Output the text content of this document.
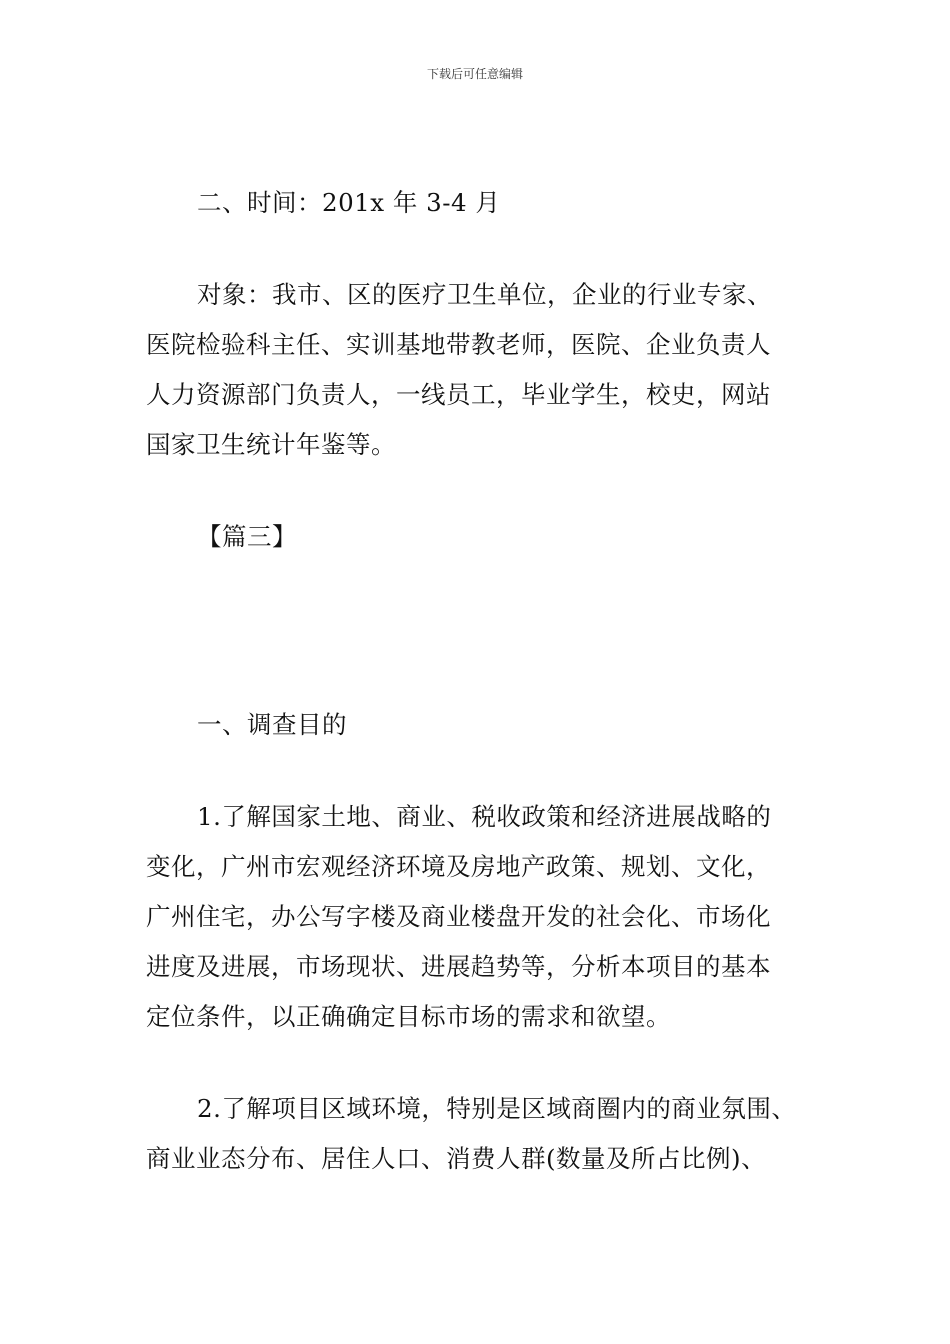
下载后可任意编辑
二、时间：201x 年 3-4 月
对象：我市、区的医疗卫生单位，企业的行业专家、
医院检验科主任、实训基地带教老师，医院、企业负责人
人力资源部门负责人，一线员工，毕业学生，校史，网站
国家卫生统计年鉴等。
【篇三】
一、调查目的
1.了解国家土地、商业、税收政策和经济进展战略的
变化，广州市宏观经济环境及房地产政策、规划、文化，
广州住宅，办公写字楼及商业楼盘开发的社会化、市场化
进度及进展，市场现状、进展趋势等，分析本项目的基本
定位条件，以正确确定目标市场的需求和欲望。
2.了解项目区域环境，特别是区域商圈内的商业氛围、
商业业态分布、居住人口、消费人群(数量及所占比例)、
